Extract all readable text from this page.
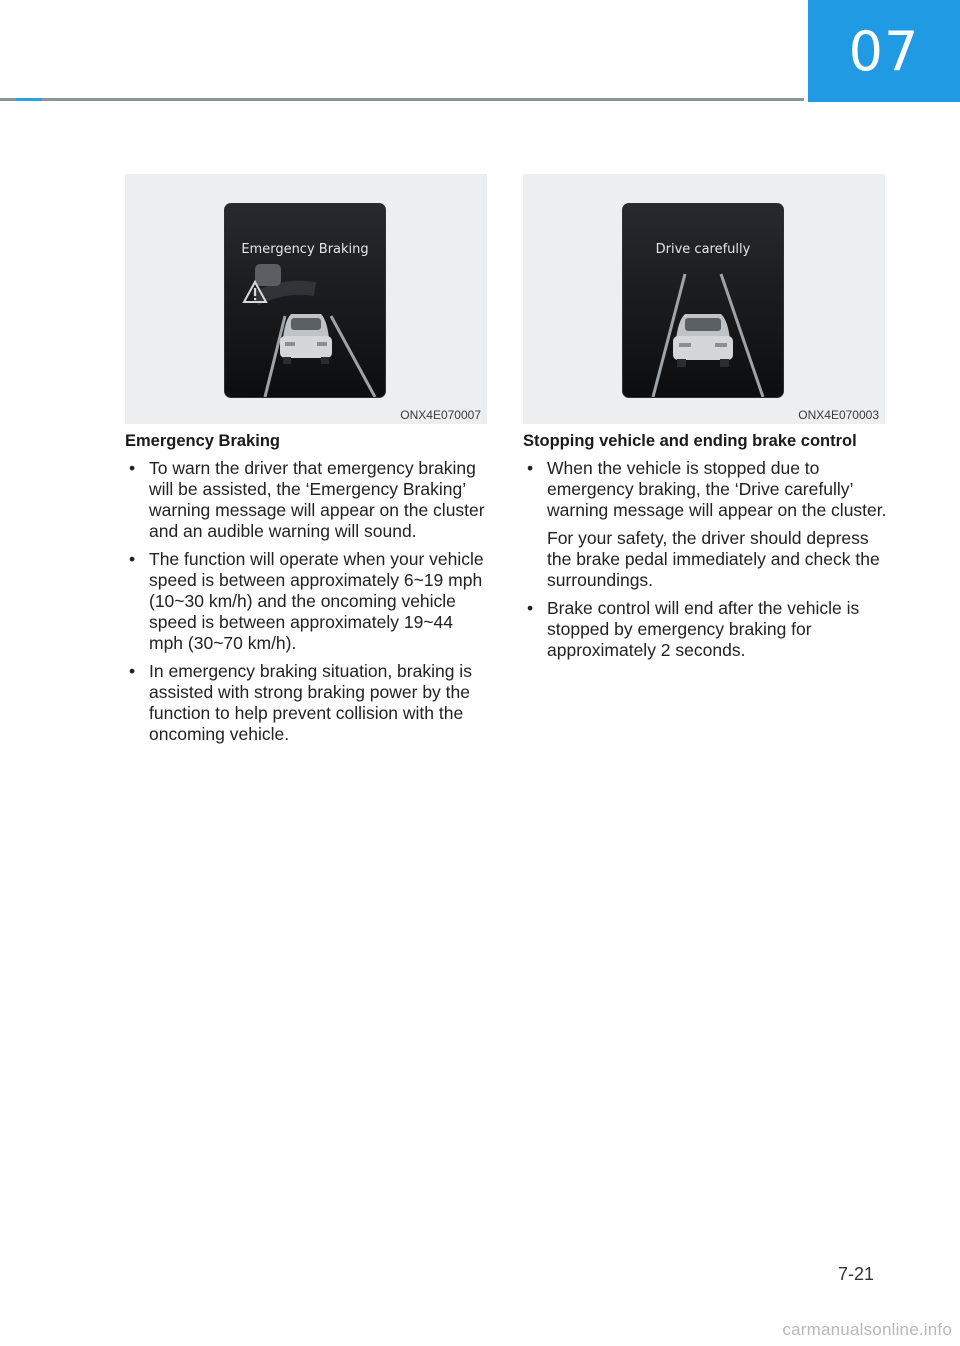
07
Emergency Braking
ONX4E070007
Drive carefully
ONX4E070003
Emergency Braking
• To warn the driver that emergency braking will be assisted, the ‘Emergency Braking’ warning message will appear on the cluster and an audible warning will sound.
• The function will operate when your vehicle speed is between approximately 6~19 mph (10~30 km/h) and the oncoming vehicle speed is between approximately 19~44 mph (30~70 km/h).
• In emergency braking situation, braking is assisted with strong braking power by the function to help prevent collision with the oncoming vehicle.
Stopping vehicle and ending brake control
• When the vehicle is stopped due to emergency braking, the ‘Drive carefully’ warning message will appear on the cluster.
For your safety, the driver should depress the brake pedal immediately and check the surroundings.
• Brake control will end after the vehicle is stopped by emergency braking for approximately 2 seconds.
7-21
carmanualsonline.info
